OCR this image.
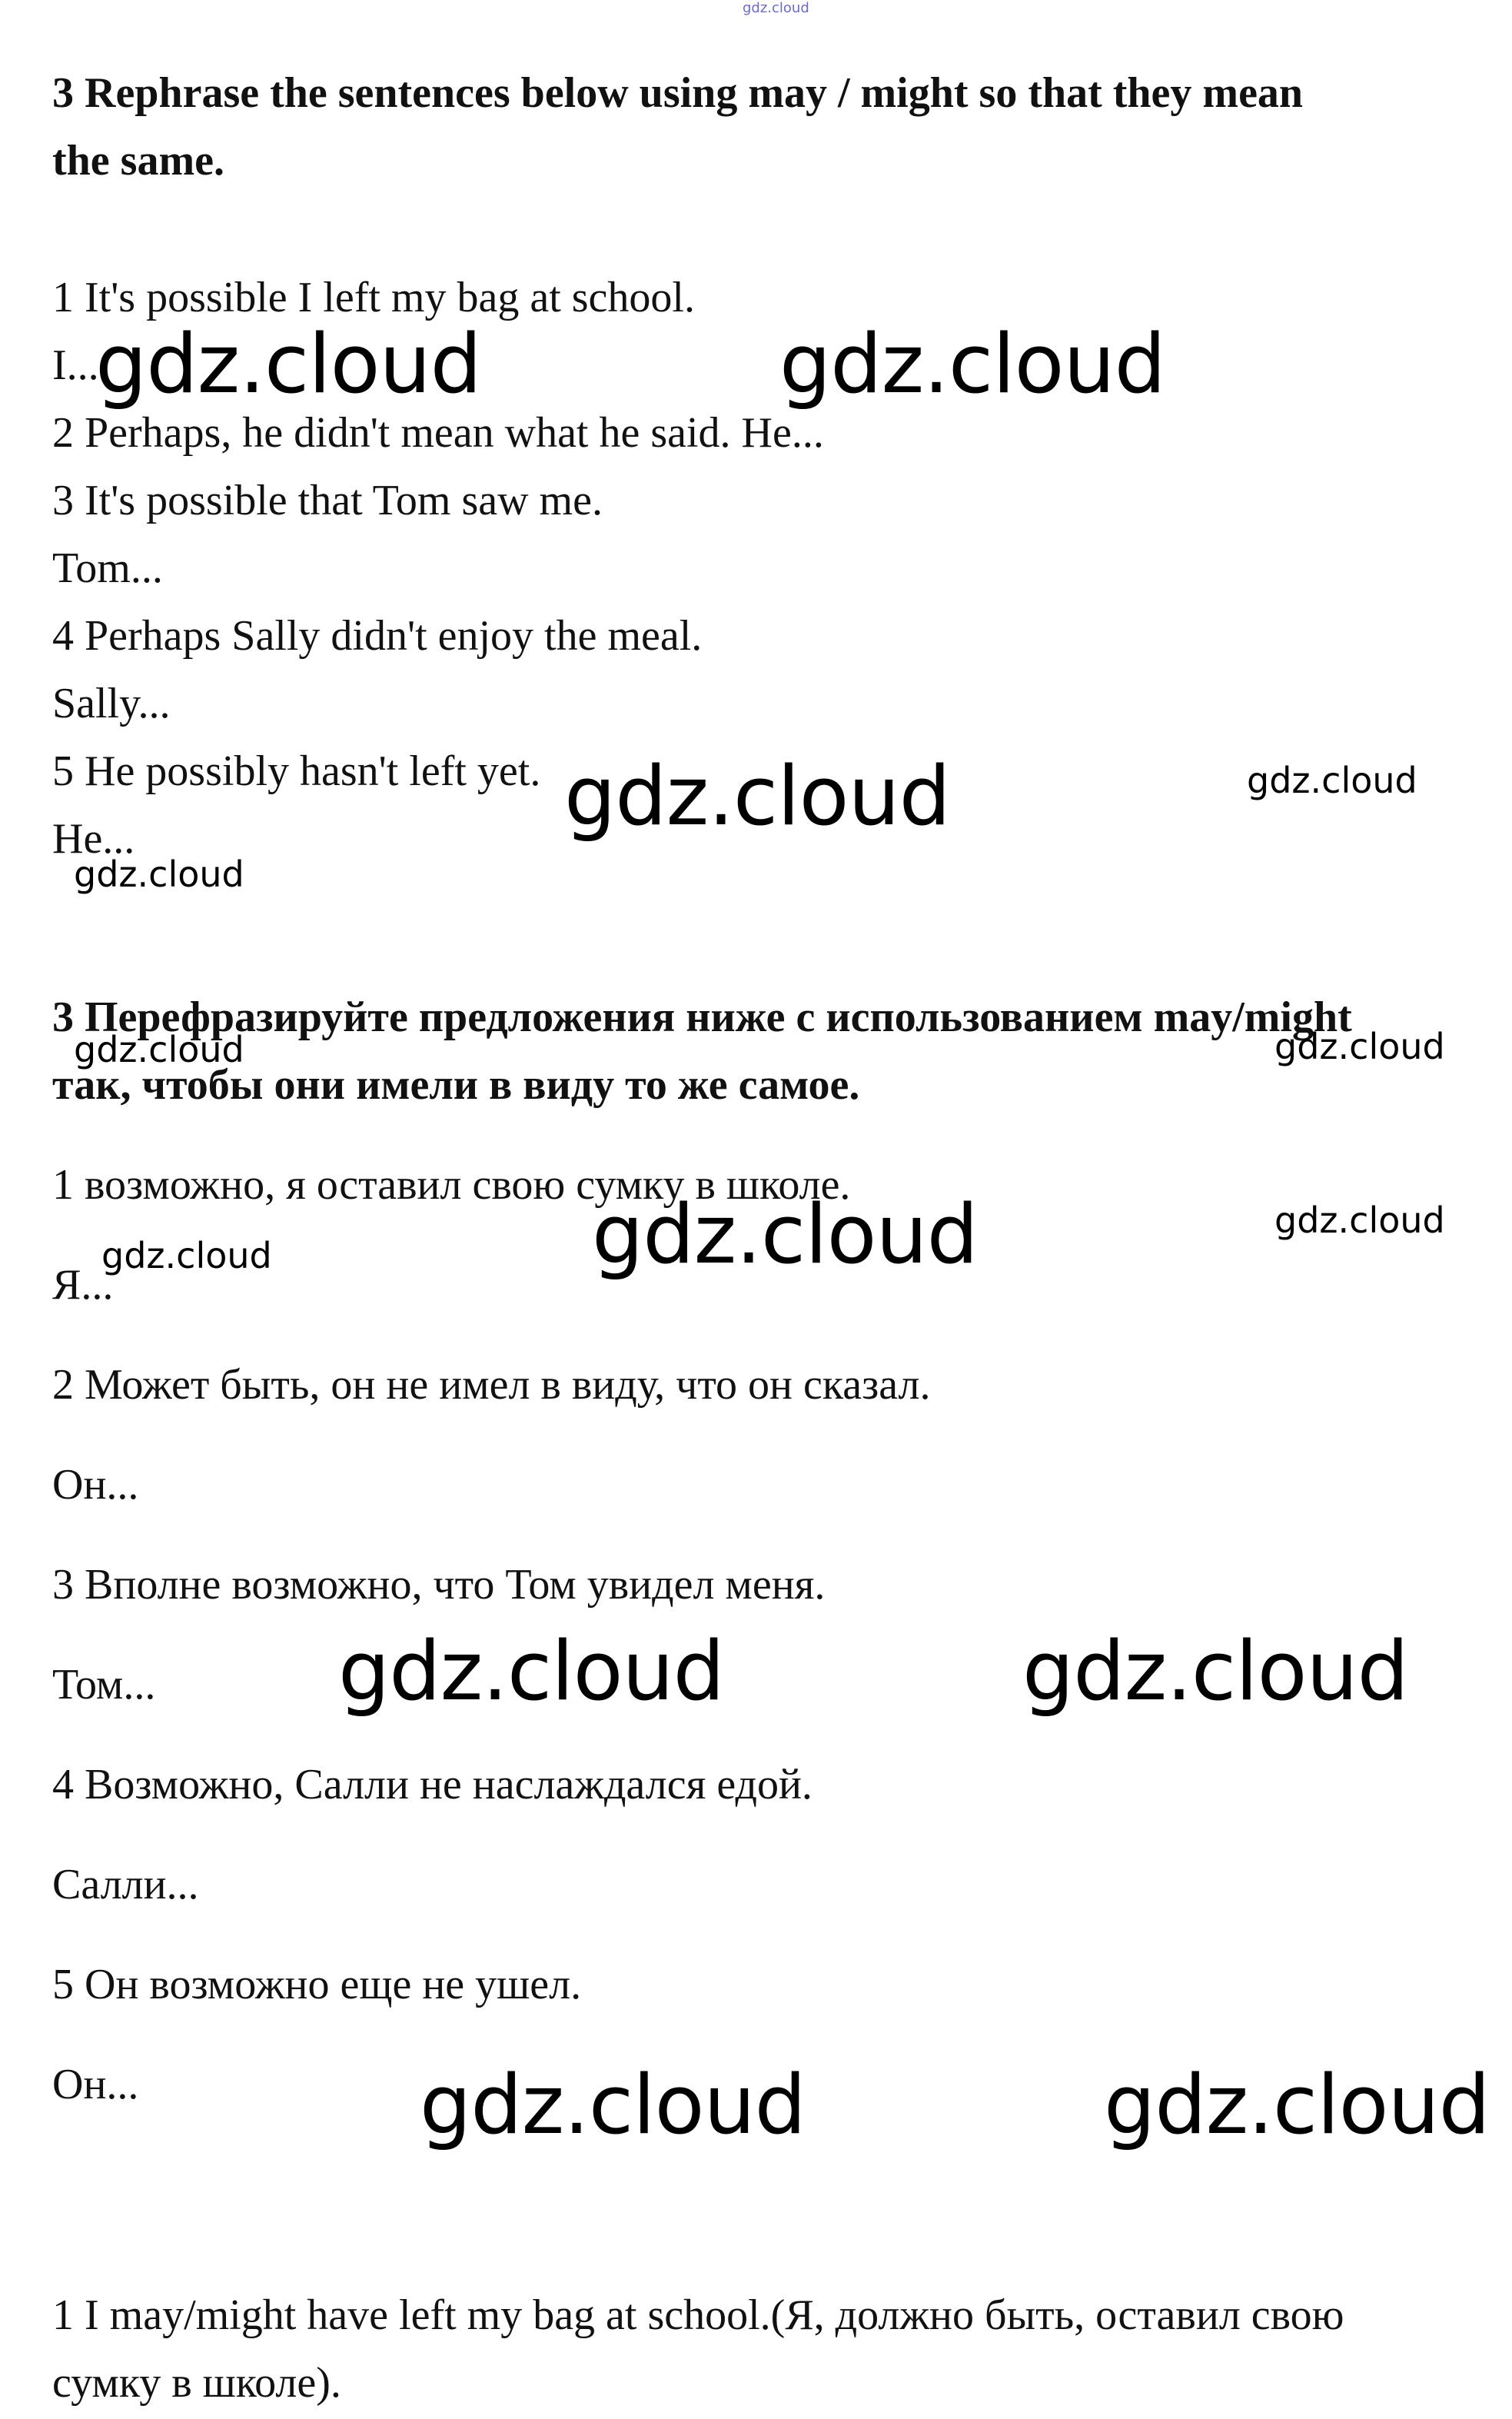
gdz.cloud
3 Rephrase the sentences below using may / might so that they mean
the same.
1 It's possible I left my bag at school.
I...
2 Perhaps, he didn't mean what he said. He...
3 It's possible that Tom saw me.
Tom...
4 Perhaps Sally didn't enjoy the meal.
Sally...
5 He possibly hasn't left yet.
He...
3 Перефразируйте предложения ниже с использованием may/might
так, чтобы они имели в виду то же самое.
1 возможно, я оставил свою сумку в школе.
Я...
2 Может быть, он не имел в виду, что он сказал.
Он...
3 Вполне возможно, что Том увидел меня.
Том...
4 Возможно, Салли не наслаждался едой.
Салли...
5 Он возможно еще не ушел.
Он...
1 I may/might have left my bag at school.(Я, должно быть, оставил свою
сумку в школе).
gdz.cloud	gdz.cloud
gdz.cloud	gdz.cloud
gdz.cloud
gdz.cloud	gdz.cloud
gdz.cloud	gdz.cloud
gdz.cloud
gdz.cloud	gdz.cloud
gdz.cloud	gdz.cloud
